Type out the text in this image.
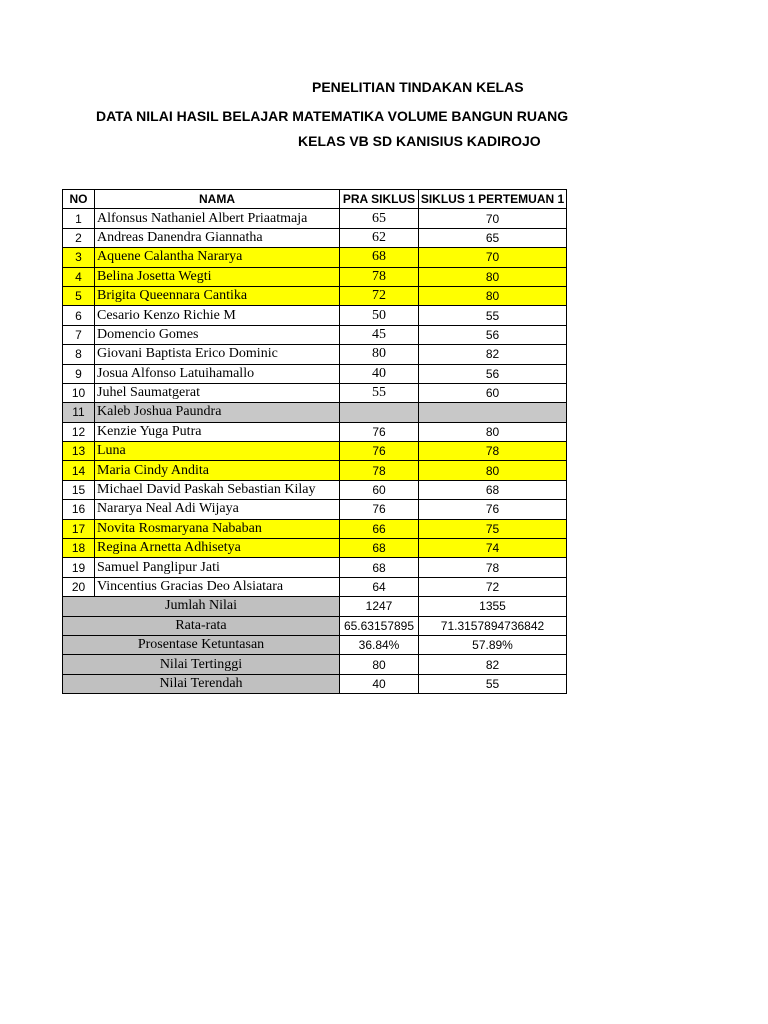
PENELITIAN TINDAKAN KELAS
DATA NILAI HASIL BELAJAR MATEMATIKA VOLUME BANGUN RUANG
KELAS VB SD KANISIUS KADIROJO
NO	NAMA	PRA SIKLUS	SIKLUS 1 PERTEMUAN 1
1	Alfonsus Nathaniel Albert Priaatmaja	65	70
2	Andreas Danendra Giannatha	62	65
3	Aquene Calantha Nararya	68	70
4	Belina Josetta Wegti	78	80
5	Brigita Queennara Cantika	72	80
6	Cesario Kenzo Richie M	50	55
7	Domencio Gomes	45	56
8	Giovani Baptista Erico Dominic	80	82
9	Josua Alfonso Latuihamallo	40	56
10	Juhel Saumatgerat	55	60
11	Kaleb Joshua Paundra		
12	Kenzie Yuga Putra	76	80
13	Luna	76	78
14	Maria Cindy Andita	78	80
15	Michael David Paskah Sebastian Kilay	60	68
16	Nararya Neal Adi Wijaya	76	76
17	Novita Rosmaryana Nababan	66	75
18	Regina Arnetta Adhisetya	68	74
19	Samuel Panglipur Jati	68	78
20	Vincentius Gracias Deo Alsiatara	64	72
Jumlah Nilai		1247	1355
Rata-rata		65.63157895	71.3157894736842
Prosentase Ketuntasan		36.84%	57.89%
Nilai Tertinggi		80	82
Nilai Terendah		40	55
